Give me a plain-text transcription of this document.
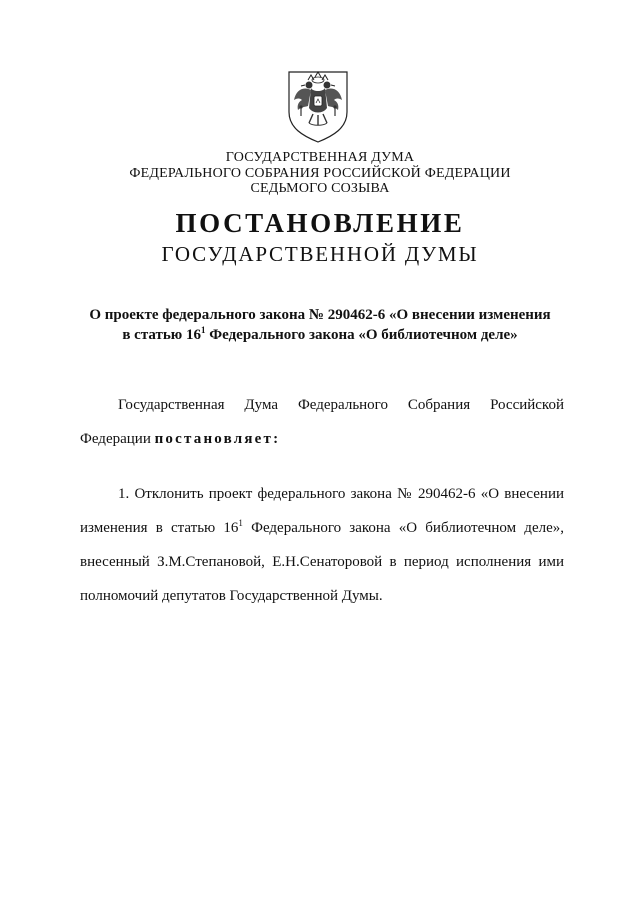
ГОСУДАРСТВЕННАЯ ДУМА
ФЕДЕРАЛЬНОГО СОБРАНИЯ РОССИЙСКОЙ ФЕДЕРАЦИИ
СЕДЬМОГО СОЗЫВА
ПОСТАНОВЛЕНИЕ
ГОСУДАРСТВЕННОЙ ДУМЫ
О проекте федерального закона № 290462-6 «О внесении изменения
в статью $16^1$ Федерального закона «О библиотечном деле»
Государственная Дума Федерального Собрания Российской
Федерации постановляет:
1. Отклонить проект федерального закона № 290462-6 «О внесении
изменения в статью $16^1$ Федерального закона «О библиотечном деле»,
внесенный З.М.Степановой, Е.Н.Сенаторовой в период исполнения ими
полномочий депутатов Государственной Думы.
